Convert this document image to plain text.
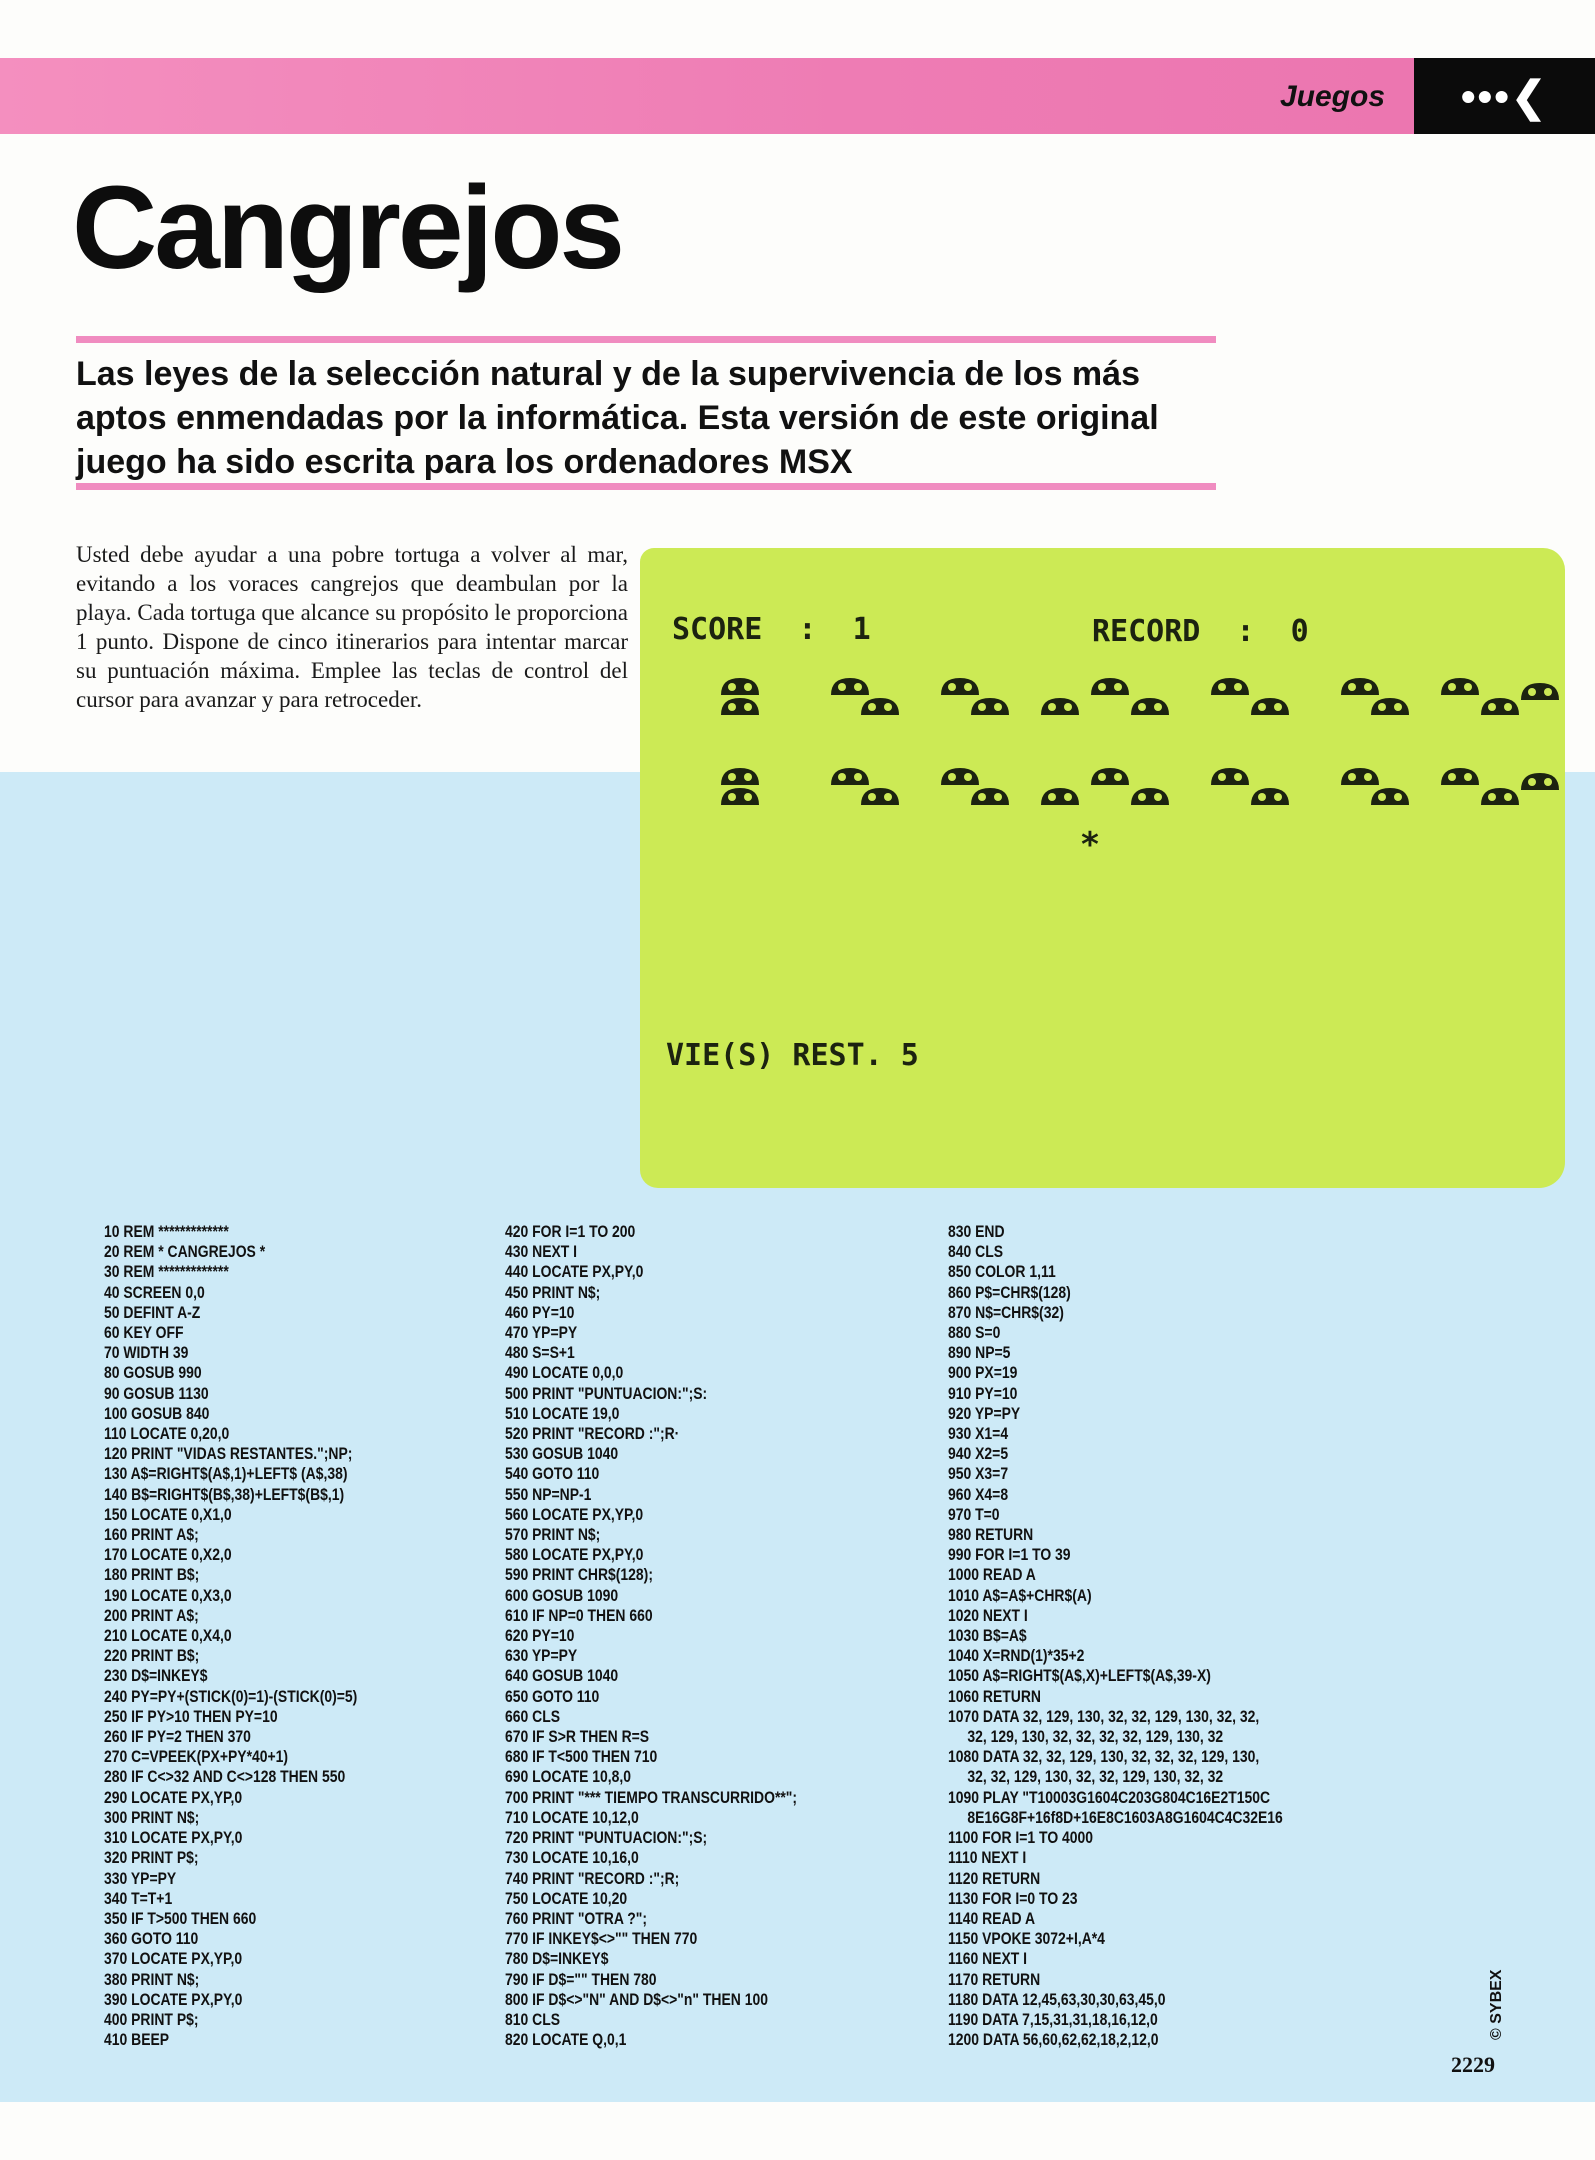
Juegos •••❮
Cangrejos

Las leyes de la selección natural y de la supervivencia de los más aptos enmendadas por la informática. Esta versión de este original juego ha sido escrita para los ordenadores MSX

Usted debe ayudar a una pobre tortuga a volver al mar, evitando a los voraces cangrejos que deambulan por la playa. Cada tortuga que alcance su propósito le proporciona 1 punto. Dispone de cinco itinerarios para intentar marcar su puntuación máxima. Emplee las teclas de control del cursor para avanzar y para retroceder.

SCORE  :  1	RECORD  :  0
*
VIE(S) REST. 5
10 REM *************
20 REM * CANGREJOS *
30 REM *************
40 SCREEN 0,0
50 DEFINT A-Z
60 KEY OFF
70 WIDTH 39
80 GOSUB 990
90 GOSUB 1130
100 GOSUB 840
110 LOCATE 0,20,0
120 PRINT "VIDAS RESTANTES.";NP;
130 A$=RIGHT$(A$,1)+LEFT$ (A$,38)
140 B$=RIGHT$(B$,38)+LEFT$(B$,1)
150 LOCATE 0,X1,0
160 PRINT A$;
170 LOCATE 0,X2,0
180 PRINT B$;
190 LOCATE 0,X3,0
200 PRINT A$;
210 LOCATE 0,X4,0
220 PRINT B$;
230 D$=INKEY$
240 PY=PY+(STICK(0)=1)-(STICK(0)=5)
250 IF PY>10 THEN PY=10
260 IF PY=2 THEN 370
270 C=VPEEK(PX+PY*40+1)
280 IF C<>32 AND C<>128 THEN 550
290 LOCATE PX,YP,0
300 PRINT N$;
310 LOCATE PX,PY,0
320 PRINT P$;
330 YP=PY
340 T=T+1
350 IF T>500 THEN 660
360 GOTO 110
370 LOCATE PX,YP,0
380 PRINT N$;
390 LOCATE PX,PY,0
400 PRINT P$;
410 BEEP

420 FOR I=1 TO 200
430 NEXT I
440 LOCATE PX,PY,0
450 PRINT N$;
460 PY=10
470 YP=PY
480 S=S+1
490 LOCATE 0,0,0
500 PRINT "PUNTUACION:";S:
510 LOCATE 19,0
520 PRINT "RECORD :";R·
530 GOSUB 1040
540 GOTO 110
550 NP=NP-1
560 LOCATE PX,YP,0
570 PRINT N$;
580 LOCATE PX,PY,0
590 PRINT CHR$(128);
600 GOSUB 1090
610 IF NP=0 THEN 660
620 PY=10
630 YP=PY
640 GOSUB 1040
650 GOTO 110
660 CLS
670 IF S>R THEN R=S
680 IF T<500 THEN 710
690 LOCATE 10,8,0
700 PRINT "*** TIEMPO TRANSCURRIDO**";
710 LOCATE 10,12,0
720 PRINT "PUNTUACION:";S;
730 LOCATE 10,16,0
740 PRINT "RECORD :";R;
750 LOCATE 10,20
760 PRINT "OTRA ?";
770 IF INKEY$<>"" THEN 770
780 D$=INKEY$
790 IF D$="" THEN 780
800 IF D$<>"N" AND D$<>"n" THEN 100
810 CLS
820 LOCATE Q,0,1

830 END
840 CLS
850 COLOR 1,11
860 P$=CHR$(128)
870 N$=CHR$(32)
880 S=0
890 NP=5
900 PX=19
910 PY=10
920 YP=PY
930 X1=4
940 X2=5
950 X3=7
960 X4=8
970 T=0
980 RETURN
990 FOR I=1 TO 39
1000 READ A
1010 A$=A$+CHR$(A)
1020 NEXT I
1030 B$=A$
1040 X=RND(1)*35+2
1050 A$=RIGHT$(A$,X)+LEFT$(A$,39-X)
1060 RETURN
1070 DATA 32, 129, 130, 32, 32, 129, 130, 32, 32,
32, 129, 130, 32, 32, 32, 32, 129, 130, 32
1080 DATA 32, 32, 129, 130, 32, 32, 32, 129, 130,
32, 32, 129, 130, 32, 32, 129, 130, 32, 32
1090 PLAY "T10003G1604C203G804C16E2T150C
8E16G8F+16f8D+16E8C1603A8G1604C4C32E16
1100 FOR I=1 TO 4000
1110 NEXT I
1120 RETURN
1130 FOR I=0 TO 23
1140 READ A
1150 VPOKE 3072+I,A*4
1160 NEXT I
1170 RETURN
1180 DATA 12,45,63,30,30,63,45,0
1190 DATA 7,15,31,31,18,16,12,0
1200 DATA 56,60,62,62,18,2,12,0	© SYBEX
2229
